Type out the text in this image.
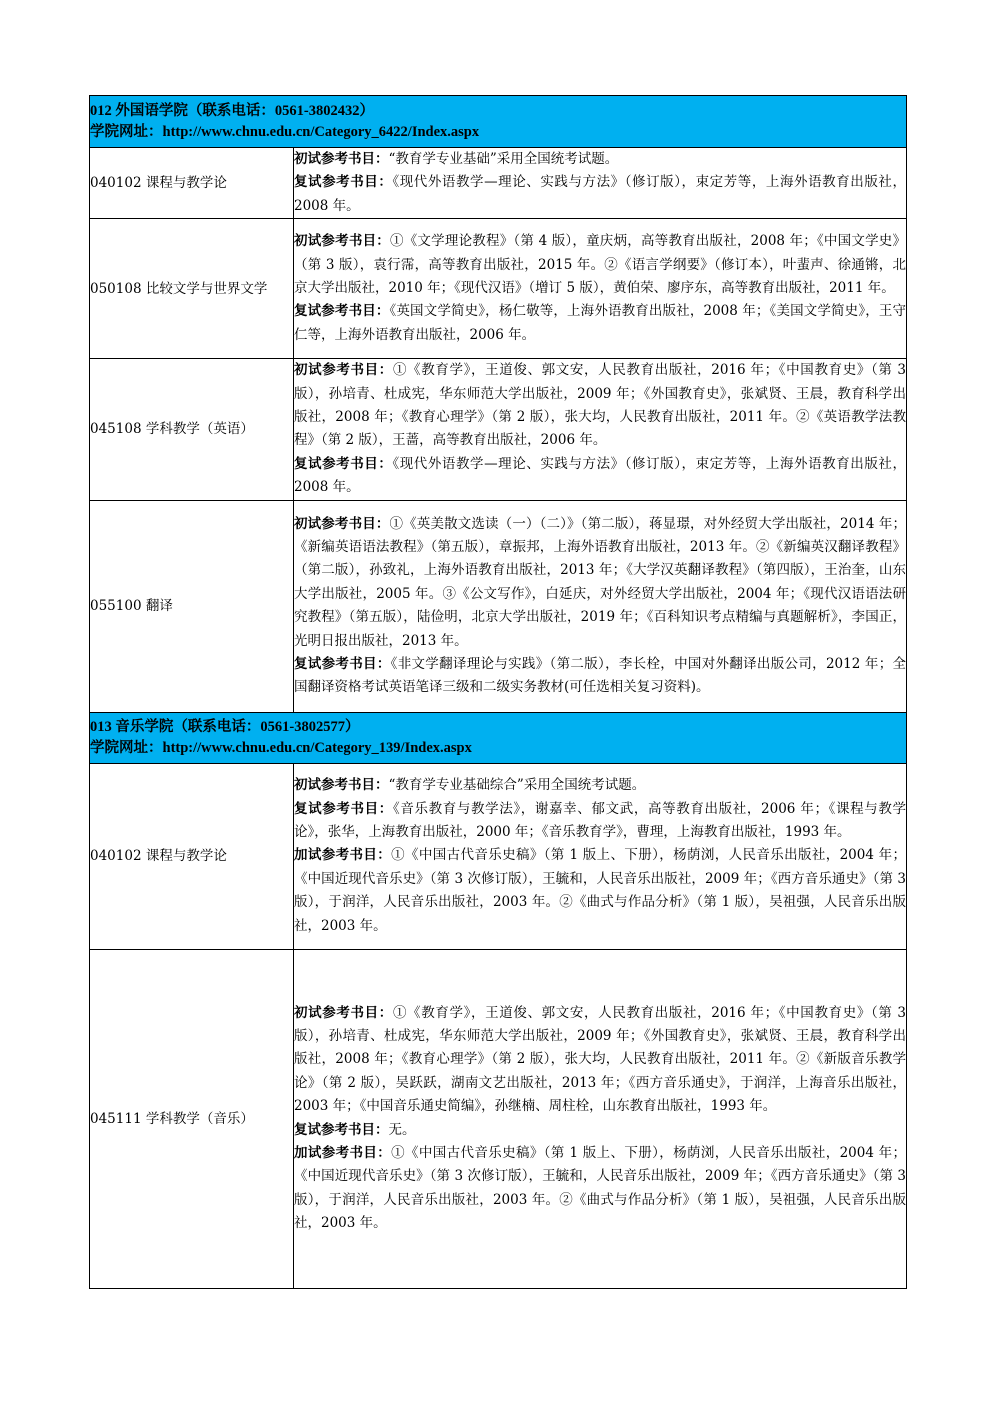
012 外国语学院（联系电话：0561-3802432）
学院网址：http://www.chnu.edu.cn/Category_6422/Index.aspx	

040102 课程与教学论	初试参考书目：“教育学专业基础”采用全国统考试题。

复试参考书目：《现代外语教学—理论、实践与方法》（修订版），束定芳等，上海外语教育出版社，2008 年。

050108 比较文学与世界文学	初试参考书目：①《文学理论教程》（第 4 版），童庆炳，高等教育出版社，2008 年；《中国文学史》（第 3 版），袁行霈，高等教育出版社，2015 年。②《语言学纲要》（修订本），叶蜚声、徐通锵，北京大学出版社，2010 年；《现代汉语》（增订 5 版），黄伯荣、廖序东，高等教育出版社，2011 年。

复试参考书目：《英国文学简史》，杨仁敬等，上海外语教育出版社，2008 年；《美国文学简史》，王守仁等，上海外语教育出版社，2006 年。

045108 学科教学（英语）	初试参考书目：①《教育学》，王道俊、郭文安，人民教育出版社，2016 年；《中国教育史》（第 3 版），孙培青、杜成宪，华东师范大学出版社，2009 年；《外国教育史》，张斌贤、王晨，教育科学出版社，2008 年；《教育心理学》（第 2 版），张大均，人民教育出版社，2011 年。②《英语教学法教程》（第 2 版），王蔷，高等教育出版社，2006 年。

复试参考书目：《现代外语教学—理论、实践与方法》（修订版），束定芳等，上海外语教育出版社，2008 年。

055100 翻译	初试参考书目：①《英美散文选读（一）（二）》（第二版），蒋显璟，对外经贸大学出版社，2014 年；《新编英语语法教程》（第五版），章振邦，上海外语教育出版社，2013 年。②《新编英汉翻译教程》（第二版），孙致礼，上海外语教育出版社，2013 年；《大学汉英翻译教程》（第四版），王治奎，山东大学出版社，2005 年。③《公文写作》，白延庆，对外经贸大学出版社，2004 年；《现代汉语语法研究教程》（第五版），陆俭明，北京大学出版社，2019 年；《百科知识考点精编与真题解析》，李国正，光明日报出版社，2013 年。

复试参考书目：《非文学翻译理论与实践》（第二版），李长栓，中国对外翻译出版公司，2012 年；全国翻译资格考试英语笔译三级和二级实务教材(可任选相关复习资料)。

013 音乐学院（联系电话：0561-3802577）
学院网址：http://www.chnu.edu.cn/Category_139/Index.aspx	

040102 课程与教学论	初试参考书目：“教育学专业基础综合”采用全国统考试题。

复试参考书目：《音乐教育与教学法》，谢嘉幸、郁文武，高等教育出版社，2006 年；《课程与教学论》，张华，上海教育出版社，2000 年；《音乐教育学》，曹理，上海教育出版社，1993 年。

加试参考书目：①《中国古代音乐史稿》（第 1 版上、下册），杨荫浏，人民音乐出版社，2004 年；《中国近现代音乐史》（第 3 次修订版），王毓和，人民音乐出版社，2009 年；《西方音乐通史》（第 3 版），于润洋，人民音乐出版社，2003 年。②《曲式与作品分析》（第 1 版），吴祖强，人民音乐出版社，2003 年。

045111 学科教学（音乐）	初试参考书目：①《教育学》，王道俊、郭文安，人民教育出版社，2016 年；《中国教育史》（第 3 版），孙培青、杜成宪，华东师范大学出版社，2009 年；《外国教育史》，张斌贤、王晨，教育科学出版社，2008 年；《教育心理学》（第 2 版），张大均，人民教育出版社，2011 年。②《新版音乐教学论》（第 2 版），吴跃跃，湖南文艺出版社，2013 年；《西方音乐通史》，于润洋，上海音乐出版社，2003 年；《中国音乐通史简编》，孙继楠、周柱栓，山东教育出版社，1993 年。

复试参考书目：无。

加试参考书目：①《中国古代音乐史稿》（第 1 版上、下册），杨荫浏，人民音乐出版社，2004 年；《中国近现代音乐史》（第 3 次修订版），王毓和，人民音乐出版社，2009 年；《西方音乐通史》（第 3 版），于润洋，人民音乐出版社，2003 年。②《曲式与作品分析》（第 1 版），吴祖强，人民音乐出版社，2003 年。
